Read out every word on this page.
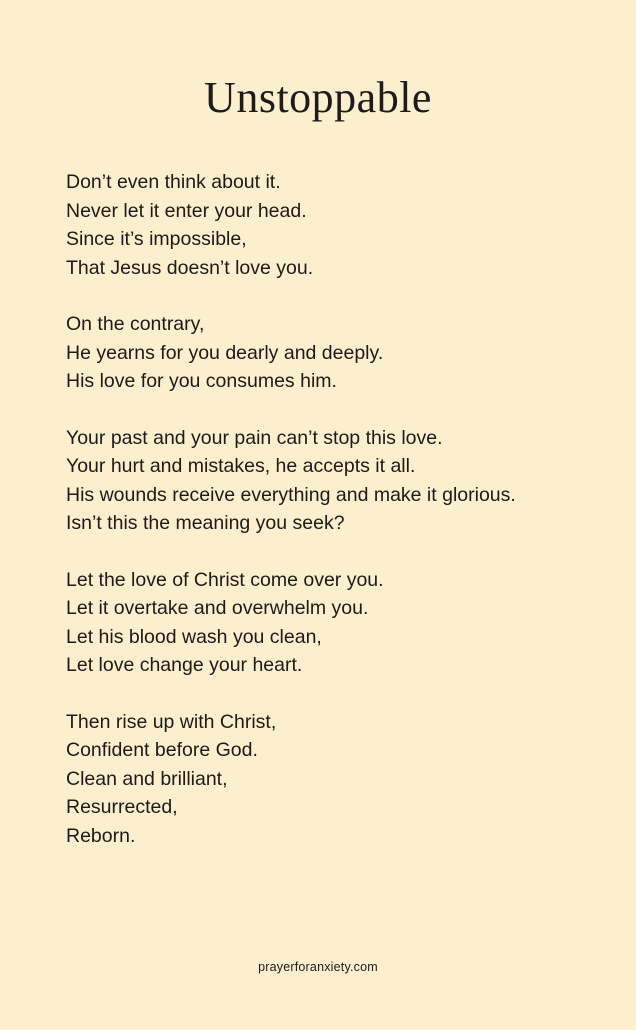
Unstoppable
Don’t even think about it.
Never let it enter your head.
Since it’s impossible,
That Jesus doesn’t love you.
On the contrary,
He yearns for you dearly and deeply.
His love for you consumes him.
Your past and your pain can’t stop this love.
Your hurt and mistakes, he accepts it all.
His wounds receive everything and make it glorious.
Isn’t this the meaning you seek?
Let the love of Christ come over you.
Let it overtake and overwhelm you.
Let his blood wash you clean,
Let love change your heart.
Then rise up with Christ,
Confident before God.
Clean and brilliant,
Resurrected,
Reborn.
prayerforanxiety.com
